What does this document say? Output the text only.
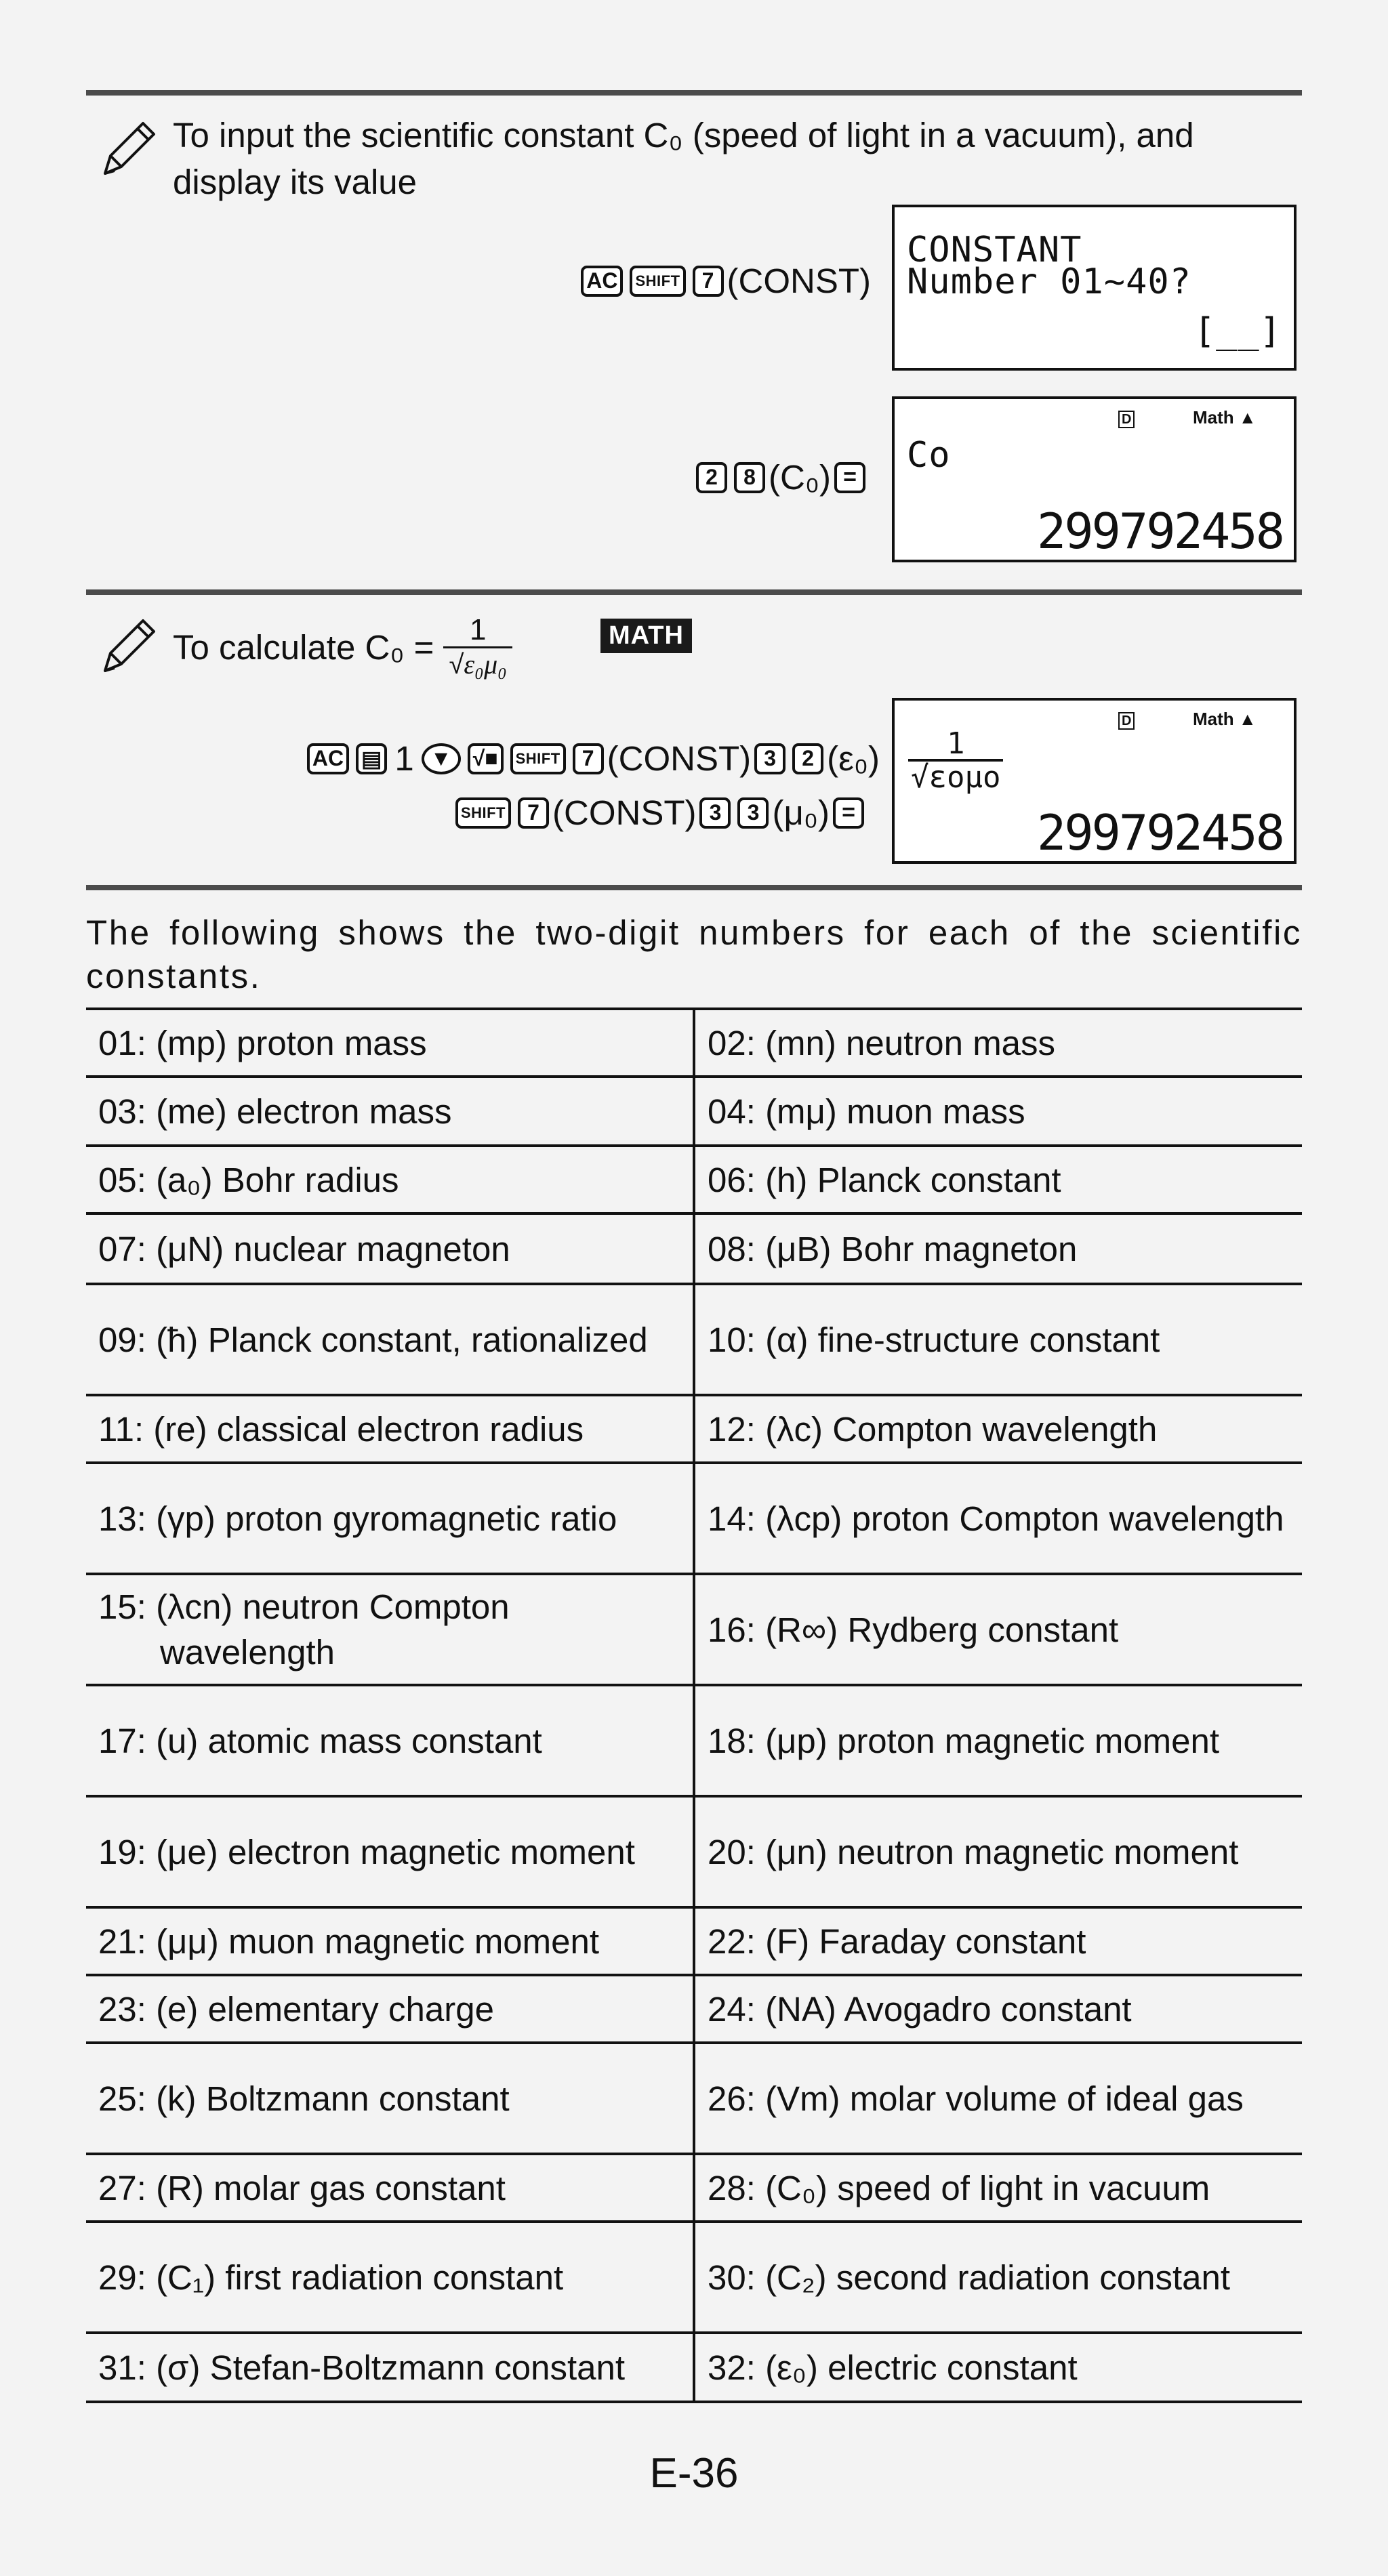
To input the scientific constant C₀ (speed of light in a vacuum), and
display its value
AC	SHIFT	7 (CONST)
CONSTANT
Number 01~40?
[__]
2	8 (C₀) =
D	Math ▲
Co
299792458
To calculate $C_0 = \frac{1}{\text{√ε₀μ₀}}$	MATH
AC ▤ 1 ▼ √■	SHIFT	7 (CONST) 3	2 (ε₀)
SHIFT	7 (CONST) 3	3 (μ₀) =
D	Math ▲
1
√εoμo
299792458
The following shows the two-digit numbers for each of the scientific constants.
01: (mp) proton mass	02: (mn) neutron mass

03: (me) electron mass	04: (mμ) muon mass

05: (a₀) Bohr radius	06: (h) Planck constant

07: (μN) nuclear magneton	08: (μB) Bohr magneton

09: (ħ) Planck constant, rationalized	10: (α) fine-structure constant

11: (re) classical electron radius	12: (λc) Compton wavelength

13: (γp) proton gyromagnetic ratio	14: (λcp) proton Compton wavelength

15: (λcn) neutron Compton wavelength	16: (R∞) Rydberg constant

17: (u) atomic mass constant	18: (μp) proton magnetic moment

19: (μe) electron magnetic moment	20: (μn) neutron magnetic moment

21: (μμ) muon magnetic moment	22: (F) Faraday constant

23: (e) elementary charge	24: (NA) Avogadro constant

25: (k) Boltzmann constant	26: (Vm) molar volume of ideal gas

27: (R) molar gas constant	28: (C₀) speed of light in vacuum

29: (C₁) first radiation constant	30: (C₂) second radiation constant

31: (σ) Stefan-Boltzmann constant	32: (ε₀) electric constant
E-36
